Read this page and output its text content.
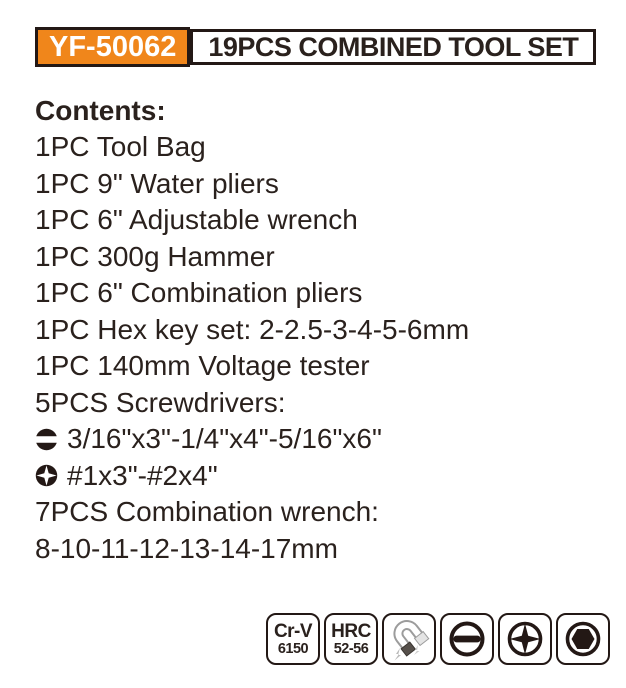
YF-50062	19PCS COMBINED TOOL SET
Contents:
1PC Tool Bag
1PC 9" Water pliers
1PC 6" Adjustable wrench
1PC 300g Hammer
1PC 6" Combination pliers
1PC Hex key set: 2-2.5-3-4-5-6mm
1PC 140mm Voltage tester
5PCS Screwdrivers:
3/16"x3"-1/4"x4"-5/16"x6"
#1x3"-#2x4"
7PCS Combination wrench:
8-10-11-12-13-14-17mm
Cr-V
6150
HRC
52-56
